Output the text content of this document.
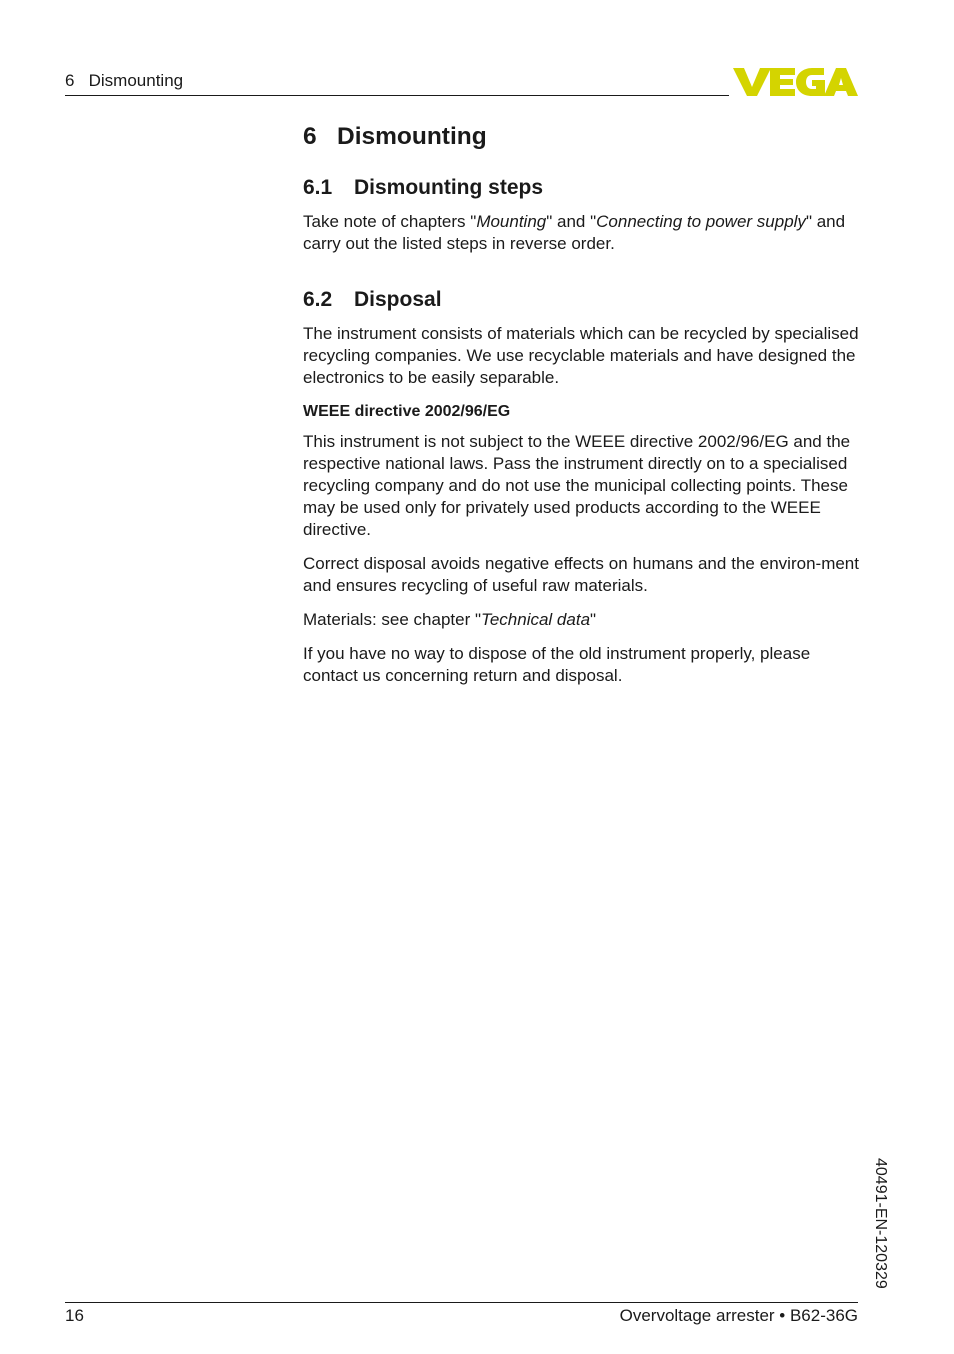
6   Dismounting
6 Dismounting
6.1 Dismounting steps

Take note of chapters "Mounting" and "Connecting to power supply" and carry out the listed steps in reverse order.

6.2 Disposal

The instrument consists of materials which can be recycled by specialised recycling companies. We use recyclable materials and have designed the electronics to be easily separable.

WEEE directive 2002/96/EG

This instrument is not subject to the WEEE directive 2002/96/EG and the respective national laws. Pass the instrument directly on to a specialised recycling company and do not use the municipal collecting points. These may be used only for privately used products according to the WEEE directive.

Correct disposal avoids negative effects on humans and the environ-ment and ensures recycling of useful raw materials.

Materials: see chapter "Technical data"

If you have no way to dispose of the old instrument properly, please contact us concerning return and disposal.

40491-EN-120329
16	Overvoltage arrester • B62-36G
